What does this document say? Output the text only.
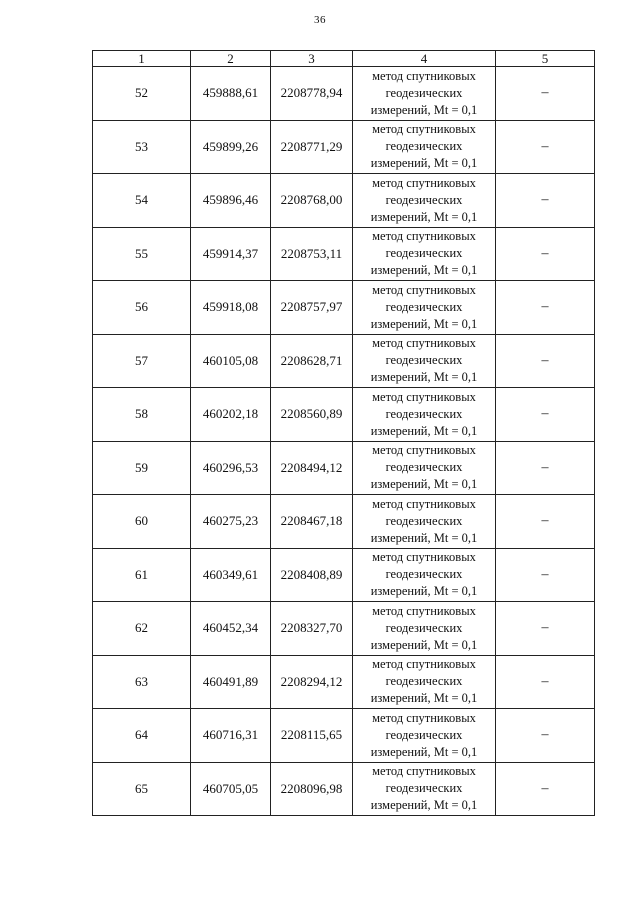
36
1	2	3	4	5
52	459888,61	2208778,94	метод спутниковых
геодезических
измерений, Mt = 0,1	–
53	459899,26	2208771,29	метод спутниковых
геодезических
измерений, Mt = 0,1	–
54	459896,46	2208768,00	метод спутниковых
геодезических
измерений, Mt = 0,1	–
55	459914,37	2208753,11	метод спутниковых
геодезических
измерений, Mt = 0,1	–
56	459918,08	2208757,97	метод спутниковых
геодезических
измерений, Mt = 0,1	–
57	460105,08	2208628,71	метод спутниковых
геодезических
измерений, Mt = 0,1	–
58	460202,18	2208560,89	метод спутниковых
геодезических
измерений, Mt = 0,1	–
59	460296,53	2208494,12	метод спутниковых
геодезических
измерений, Mt = 0,1	–
60	460275,23	2208467,18	метод спутниковых
геодезических
измерений, Mt = 0,1	–
61	460349,61	2208408,89	метод спутниковых
геодезических
измерений, Mt = 0,1	–
62	460452,34	2208327,70	метод спутниковых
геодезических
измерений, Mt = 0,1	–
63	460491,89	2208294,12	метод спутниковых
геодезических
измерений, Mt = 0,1	–
64	460716,31	2208115,65	метод спутниковых
геодезических
измерений, Mt = 0,1	–
65	460705,05	2208096,98	метод спутниковых
геодезических
измерений, Mt = 0,1	–
